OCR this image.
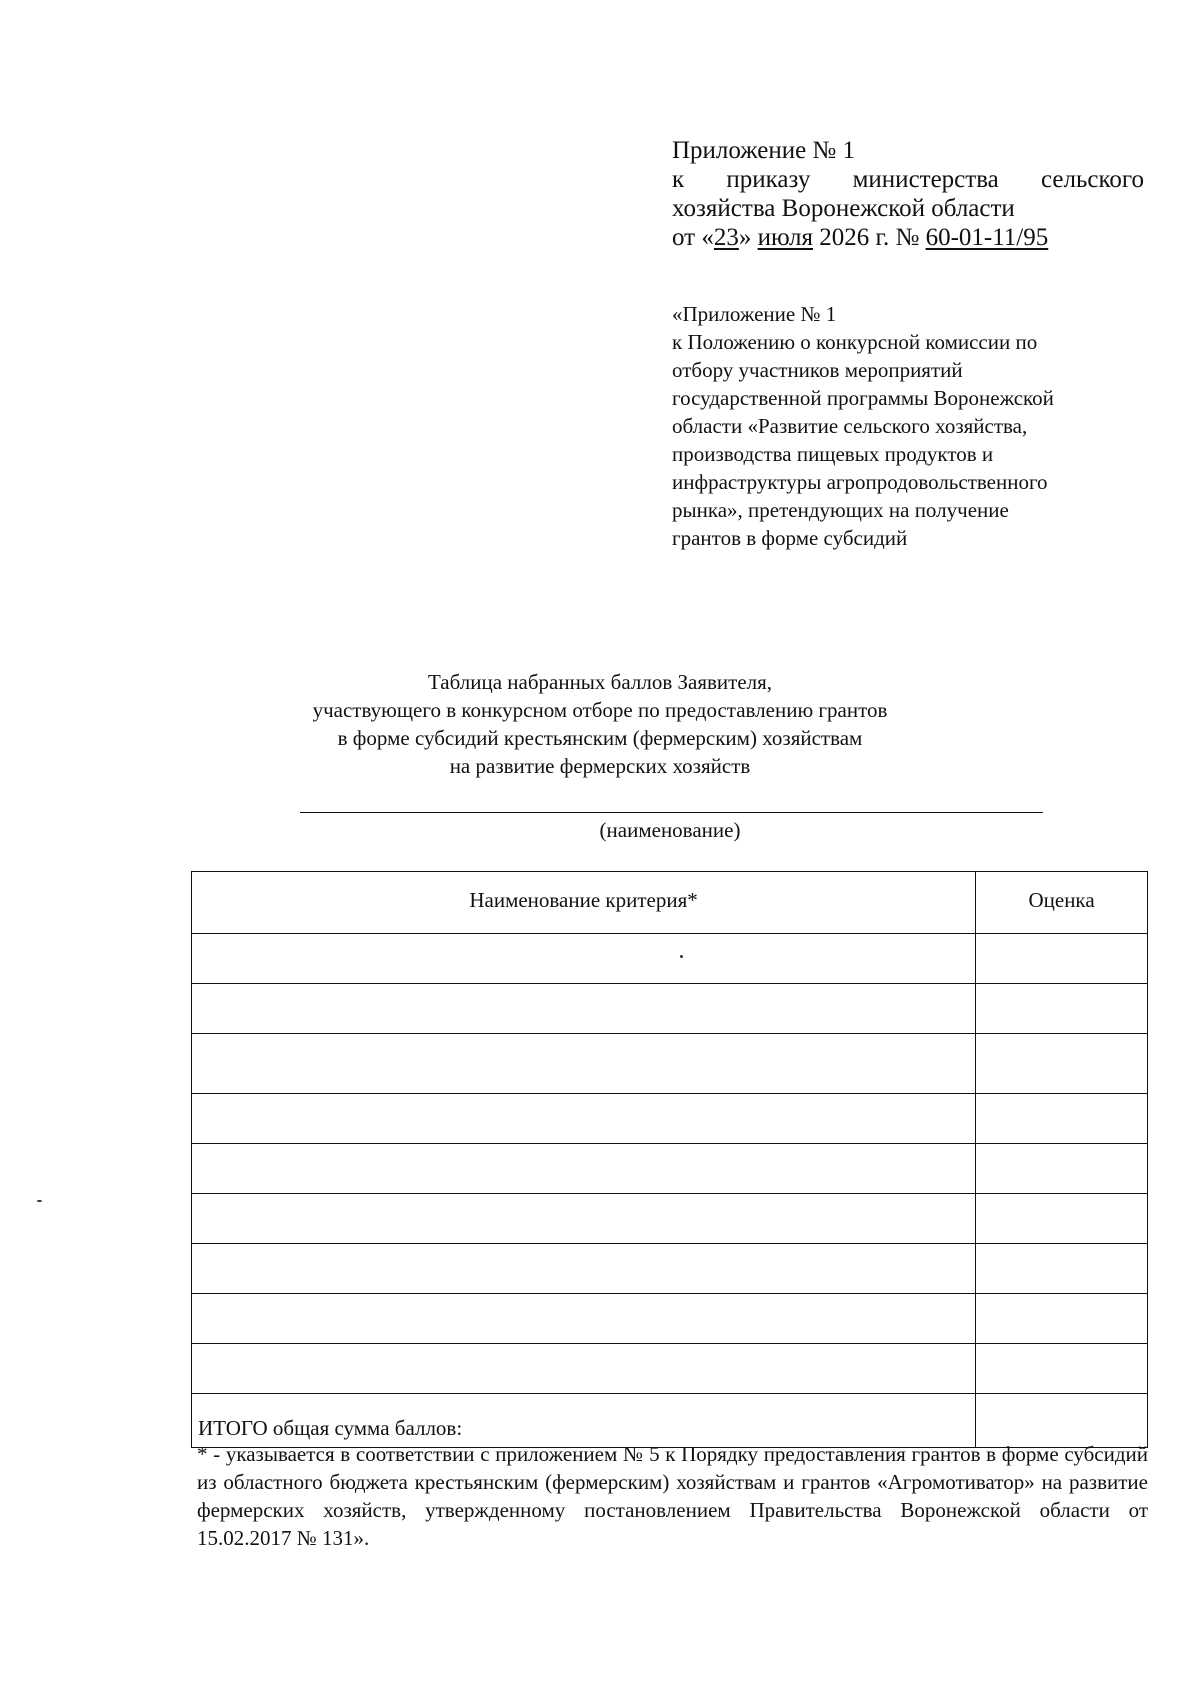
Приложение № 1
к приказу министерства сельского
хозяйства Воронежской области
от «23» июля 2026 г. № 60-01-11/95
«Приложение № 1
к Положению о конкурсной комиссии по
отбору участников мероприятий
государственной программы Воронежской
области «Развитие сельского хозяйства,
производства пищевых продуктов и
инфраструктуры агропродовольственного
рынка», претендующих на получение
грантов в форме субсидий
Таблица набранных баллов Заявителя,
участвующего в конкурсном отборе по предоставлению грантов
в форме субсидий крестьянским (фермерским) хозяйствам
на развитие фермерских хозяйств
(наименование)
Наименование критерия*	Оценка

ИТОГО общая сумма баллов:	
* - указывается в соответствии с приложением № 5 к Порядку предоставления грантов в форме субсидий из областного бюджета крестьянским (фермерским) хозяйствам и грантов «Агромотиватор» на развитие фермерских хозяйств, утвержденному постановлением Правительства Воронежской области от 15.02.2017 № 131».
